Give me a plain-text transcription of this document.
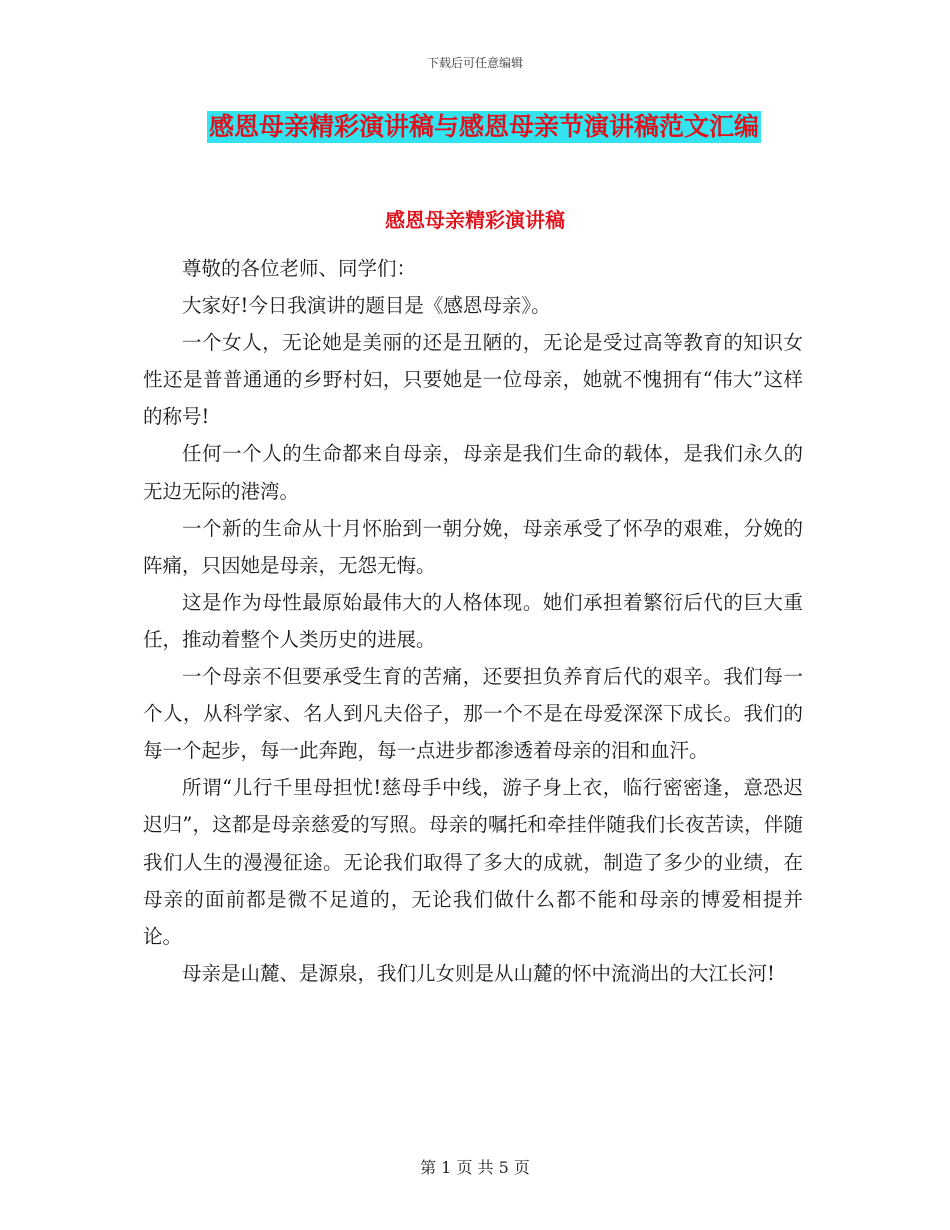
下载后可任意编辑
感恩母亲精彩演讲稿与感恩母亲节演讲稿范文汇编
感恩母亲精彩演讲稿

尊敬的各位老师、同学们：

大家好!今日我演讲的题目是《感恩母亲》。

一个女人，无论她是美丽的还是丑陋的，无论是受过高等教育的知识女性还是普普通通的乡野村妇，只要她是一位母亲，她就不愧拥有“伟大”这样的称号!

任何一个人的生命都来自母亲，母亲是我们生命的载体，是我们永久的无边无际的港湾。

一个新的生命从十月怀胎到一朝分娩，母亲承受了怀孕的艰难，分娩的阵痛，只因她是母亲，无怨无悔。

这是作为母性最原始最伟大的人格体现。她们承担着繁衍后代的巨大重任，推动着整个人类历史的进展。

一个母亲不但要承受生育的苦痛，还要担负养育后代的艰辛。我们每一个人，从科学家、名人到凡夫俗子，那一个不是在母爱深深下成长。我们的每一个起步，每一此奔跑，每一点进步都渗透着母亲的泪和血汗。

所谓“儿行千里母担忧!慈母手中线，游子身上衣，临行密密逢，意恐迟迟归”，这都是母亲慈爱的写照。母亲的嘱托和牵挂伴随我们长夜苦读，伴随我们人生的漫漫征途。无论我们取得了多大的成就，制造了多少的业绩，在母亲的面前都是微不足道的，无论我们做什么都不能和母亲的博爱相提并论。

母亲是山麓、是源泉，我们儿女则是从山麓的怀中流淌出的大江长河!

第 1 页 共 5 页
